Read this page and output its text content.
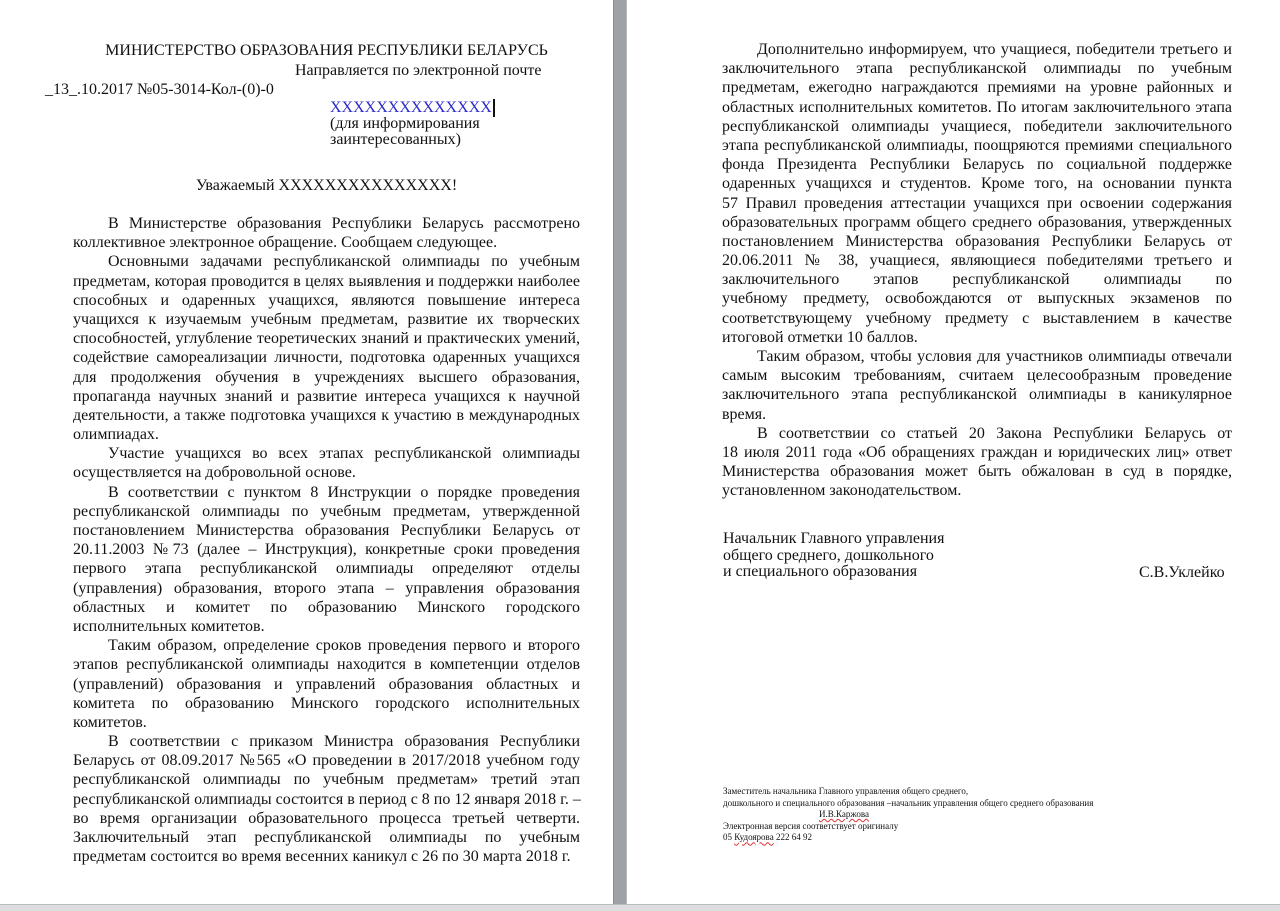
МИНИСТЕРСТВО ОБРАЗОВАНИЯ РЕСПУБЛИКИ БЕЛАРУСЬ
Направляется по электронной почте
_13_.10.2017 №05-3014-Кол-(0)-0
XXXXXXXXXXXXXX
(для информирования
заинтересованных)
Уважаемый XXXXXXXXXXXXXXX!
В Министерстве образования Республики Беларусь рассмотрено
коллективное электронное обращение. Сообщаем следующее.
Основными задачами республиканской олимпиады по учебным
предметам, которая проводится в целях выявления и поддержки наиболее
способных и одаренных учащихся, являются повышение интереса
учащихся к изучаемым учебным предметам, развитие их творческих
способностей, углубление теоретических знаний и практических умений,
содействие самореализации личности, подготовка одаренных учащихся
для продолжения обучения в учреждениях высшего образования,
пропаганда научных знаний и развитие интереса учащихся к научной
деятельности, а также подготовка учащихся к участию в международных
олимпиадах.
Участие учащихся во всех этапах республиканской олимпиады
осуществляется на добровольной основе.
В соответствии с пунктом 8 Инструкции о порядке проведения
республиканской олимпиады по учебным предметам, утвержденной
постановлением Министерства образования Республики Беларусь от
20.11.2003 №73 (далее – Инструкция), конкретные сроки проведения
первого этапа республиканской олимпиады определяют отделы
(управления) образования, второго этапа – управления образования
областных и комитет по образованию Минского городского
исполнительных комитетов.
Таким образом, определение сроков проведения первого и второго
этапов республиканской олимпиады находится в компетенции отделов
(управлений) образования и управлений образования областных и
комитета по образованию Минского городского исполнительных
комитетов.
В соответствии с приказом Министра образования Республики
Беларусь от 08.09.2017 №565 «О проведении в 2017/2018 учебном году
республиканской олимпиады по учебным предметам» третий этап
республиканской олимпиады состоится в период с 8 по 12 января 2018 г. –
во время организации образовательного процесса третьей четверти.
Заключительный этап республиканской олимпиады по учебным
предметам состоится во время весенних каникул с 26 по 30 марта 2018 г.
Дополнительно информируем, что учащиеся, победители третьего и
заключительного этапа республиканской олимпиады по учебным
предметам, ежегодно награждаются премиями на уровне районных и
областных исполнительных комитетов. По итогам заключительного этапа
республиканской олимпиады учащиеся, победители заключительного
этапа республиканской олимпиады, поощряются премиями специального
фонда Президента Республики Беларусь по социальной поддержке
одаренных учащихся и студентов. Кроме того, на основании пункта
57 Правил проведения аттестации учащихся при освоении содержания
образовательных программ общего среднего образования, утвержденных
постановлением Министерства образования Республики Беларусь от
20.06.2011 № 38, учащиеся, являющиеся победителями третьего и
заключительного этапов республиканской олимпиады по
учебному предмету, освобождаются от выпускных экзаменов по
соответствующему учебному предмету с выставлением в качестве
итоговой отметки 10 баллов.
Таким образом, чтобы условия для участников олимпиады отвечали
самым высоким требованиям, считаем целесообразным проведение
заключительного этапа республиканской олимпиады в каникулярное
время.
В соответствии со статьей 20 Закона Республики Беларусь от
18 июля 2011 года «Об обращениях граждан и юридических лиц» ответ
Министерства образования может быть обжалован в суд в порядке,
установленном законодательством.
Начальник Главного управления
общего среднего, дошкольного
и специального образования	С.В.Уклейко
Заместитель начальника Главного управления общего среднего,
дошкольного и специального образования –начальник управления общего среднего образования
И.В.Каржова
Электронная версия соответствует оригиналу
05 Кудоярова 222 64 92
